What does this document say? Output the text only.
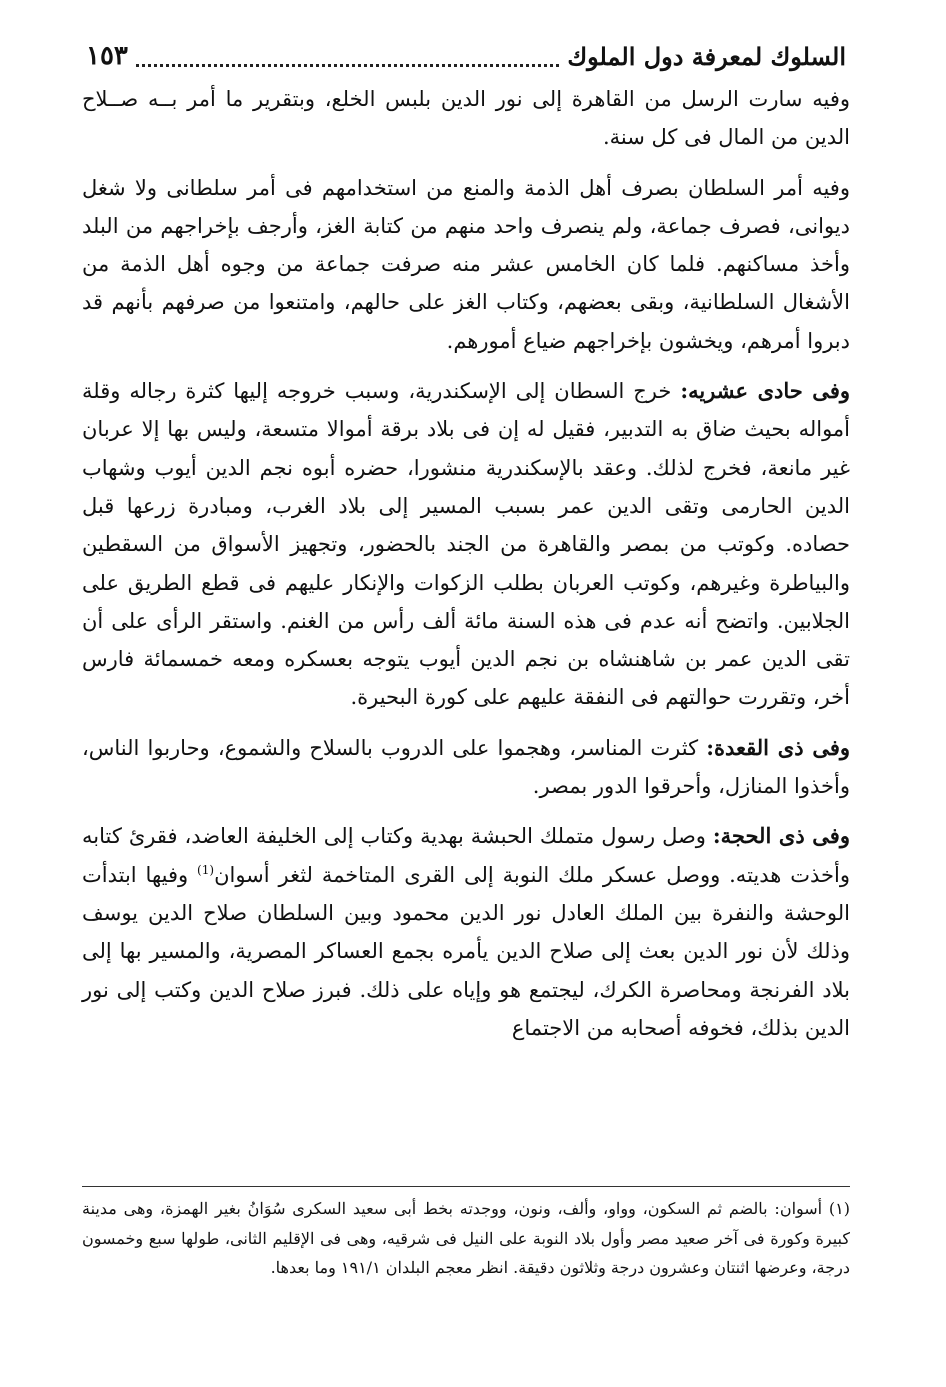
السلوك لمعرفة دول الملوك
١٥٣

وفيه سارت الرسل من القاهرة إلى نور الدين بلبس الخلع، وبتقرير ما أمر بــه صــلاح الدين من المال فى كل سنة.

وفيه أمر السلطان بصرف أهل الذمة والمنع من استخدامهم فى أمر سلطانى ولا شغل ديوانى، فصرف جماعة، ولم ينصرف واحد منهم من كتابة الغز، وأرجف بإخراجهم من البلد وأخذ مساكنهم. فلما كان الخامس عشر منه صرفت جماعة من وجوه أهل الذمة من الأشغال السلطانية، وبقى بعضهم، وكتاب الغز على حالهم، وامتنعوا من صرفهم بأنهم قد دبروا أمرهم، ويخشون بإخراجهم ضياع أمورهم.

وفى حادى عشريه: خرج السطان إلى الإسكندرية، وسبب خروجه إليها كثرة رجاله وقلة أمواله بحيث ضاق به التدبير، فقيل له إن فى بلاد برقة أموالا متسعة، وليس بها إلا عربان غير مانعة، فخرج لذلك. وعقد بالإسكندرية منشورا، حضره أبوه نجم الدين أيوب وشهاب الدين الحارمى وتقى الدين عمر بسبب المسير إلى بلاد الغرب، ومبادرة زرعها قبل حصاده. وكوتب من بمصر والقاهرة من الجند بالحضور، وتجهيز الأسواق من السقطين والبياطرة وغيرهم، وكوتب العربان بطلب الزكوات والإنكار عليهم فى قطع الطريق على الجلابين. واتضح أنه عدم فى هذه السنة مائة ألف رأس من الغنم. واستقر الرأى على أن تقى الدين عمر بن شاهنشاه بن نجم الدين أيوب يتوجه بعسكره ومعه خمسمائة فارس أخر، وتقررت حوالتهم فى النفقة عليهم على كورة البحيرة.

وفى ذى القعدة: كثرت المناسر، وهجموا على الدروب بالسلاح والشموع، وحاربوا الناس، وأخذوا المنازل، وأحرقوا الدور بمصر.

وفى ذى الحجة: وصل رسول متملك الحبشة بهدية وكتاب إلى الخليفة العاضد، فقرئ كتابه وأخذت هديته. ووصل عسكر ملك النوبة إلى القرى المتاخمة لثغر أسوان$^{(1)}$ وفيها ابتدأت الوحشة والنفرة بين الملك العادل نور الدين محمود وبين السلطان صلاح الدين يوسف وذلك لأن نور الدين بعث إلى صلاح الدين يأمره بجمع العساكر المصرية، والمسير بها إلى بلاد الفرنجة ومحاصرة الكرك، ليجتمع هو وإياه على ذلك. فبرز صلاح الدين وكتب إلى نور الدين بذلك، فخوفه أصحابه من الاجتماع

(١) أسوان: بالضم ثم السكون، وواو، وألف، ونون، ووجدته بخط أبى سعيد السكرى سُوَانُ بغير الهمزة، وهى مدينة كبيرة وكورة فى آخر صعيد مصر وأول بلاد النوبة على النيل فى شرقيه، وهى فى الإقليم الثانى، طولها سبع وخمسون درجة، وعرضها اثنتان وعشرون درجة وثلاثون دقيقة. انظر معجم البلدان ١٩١/١ وما بعدها.
